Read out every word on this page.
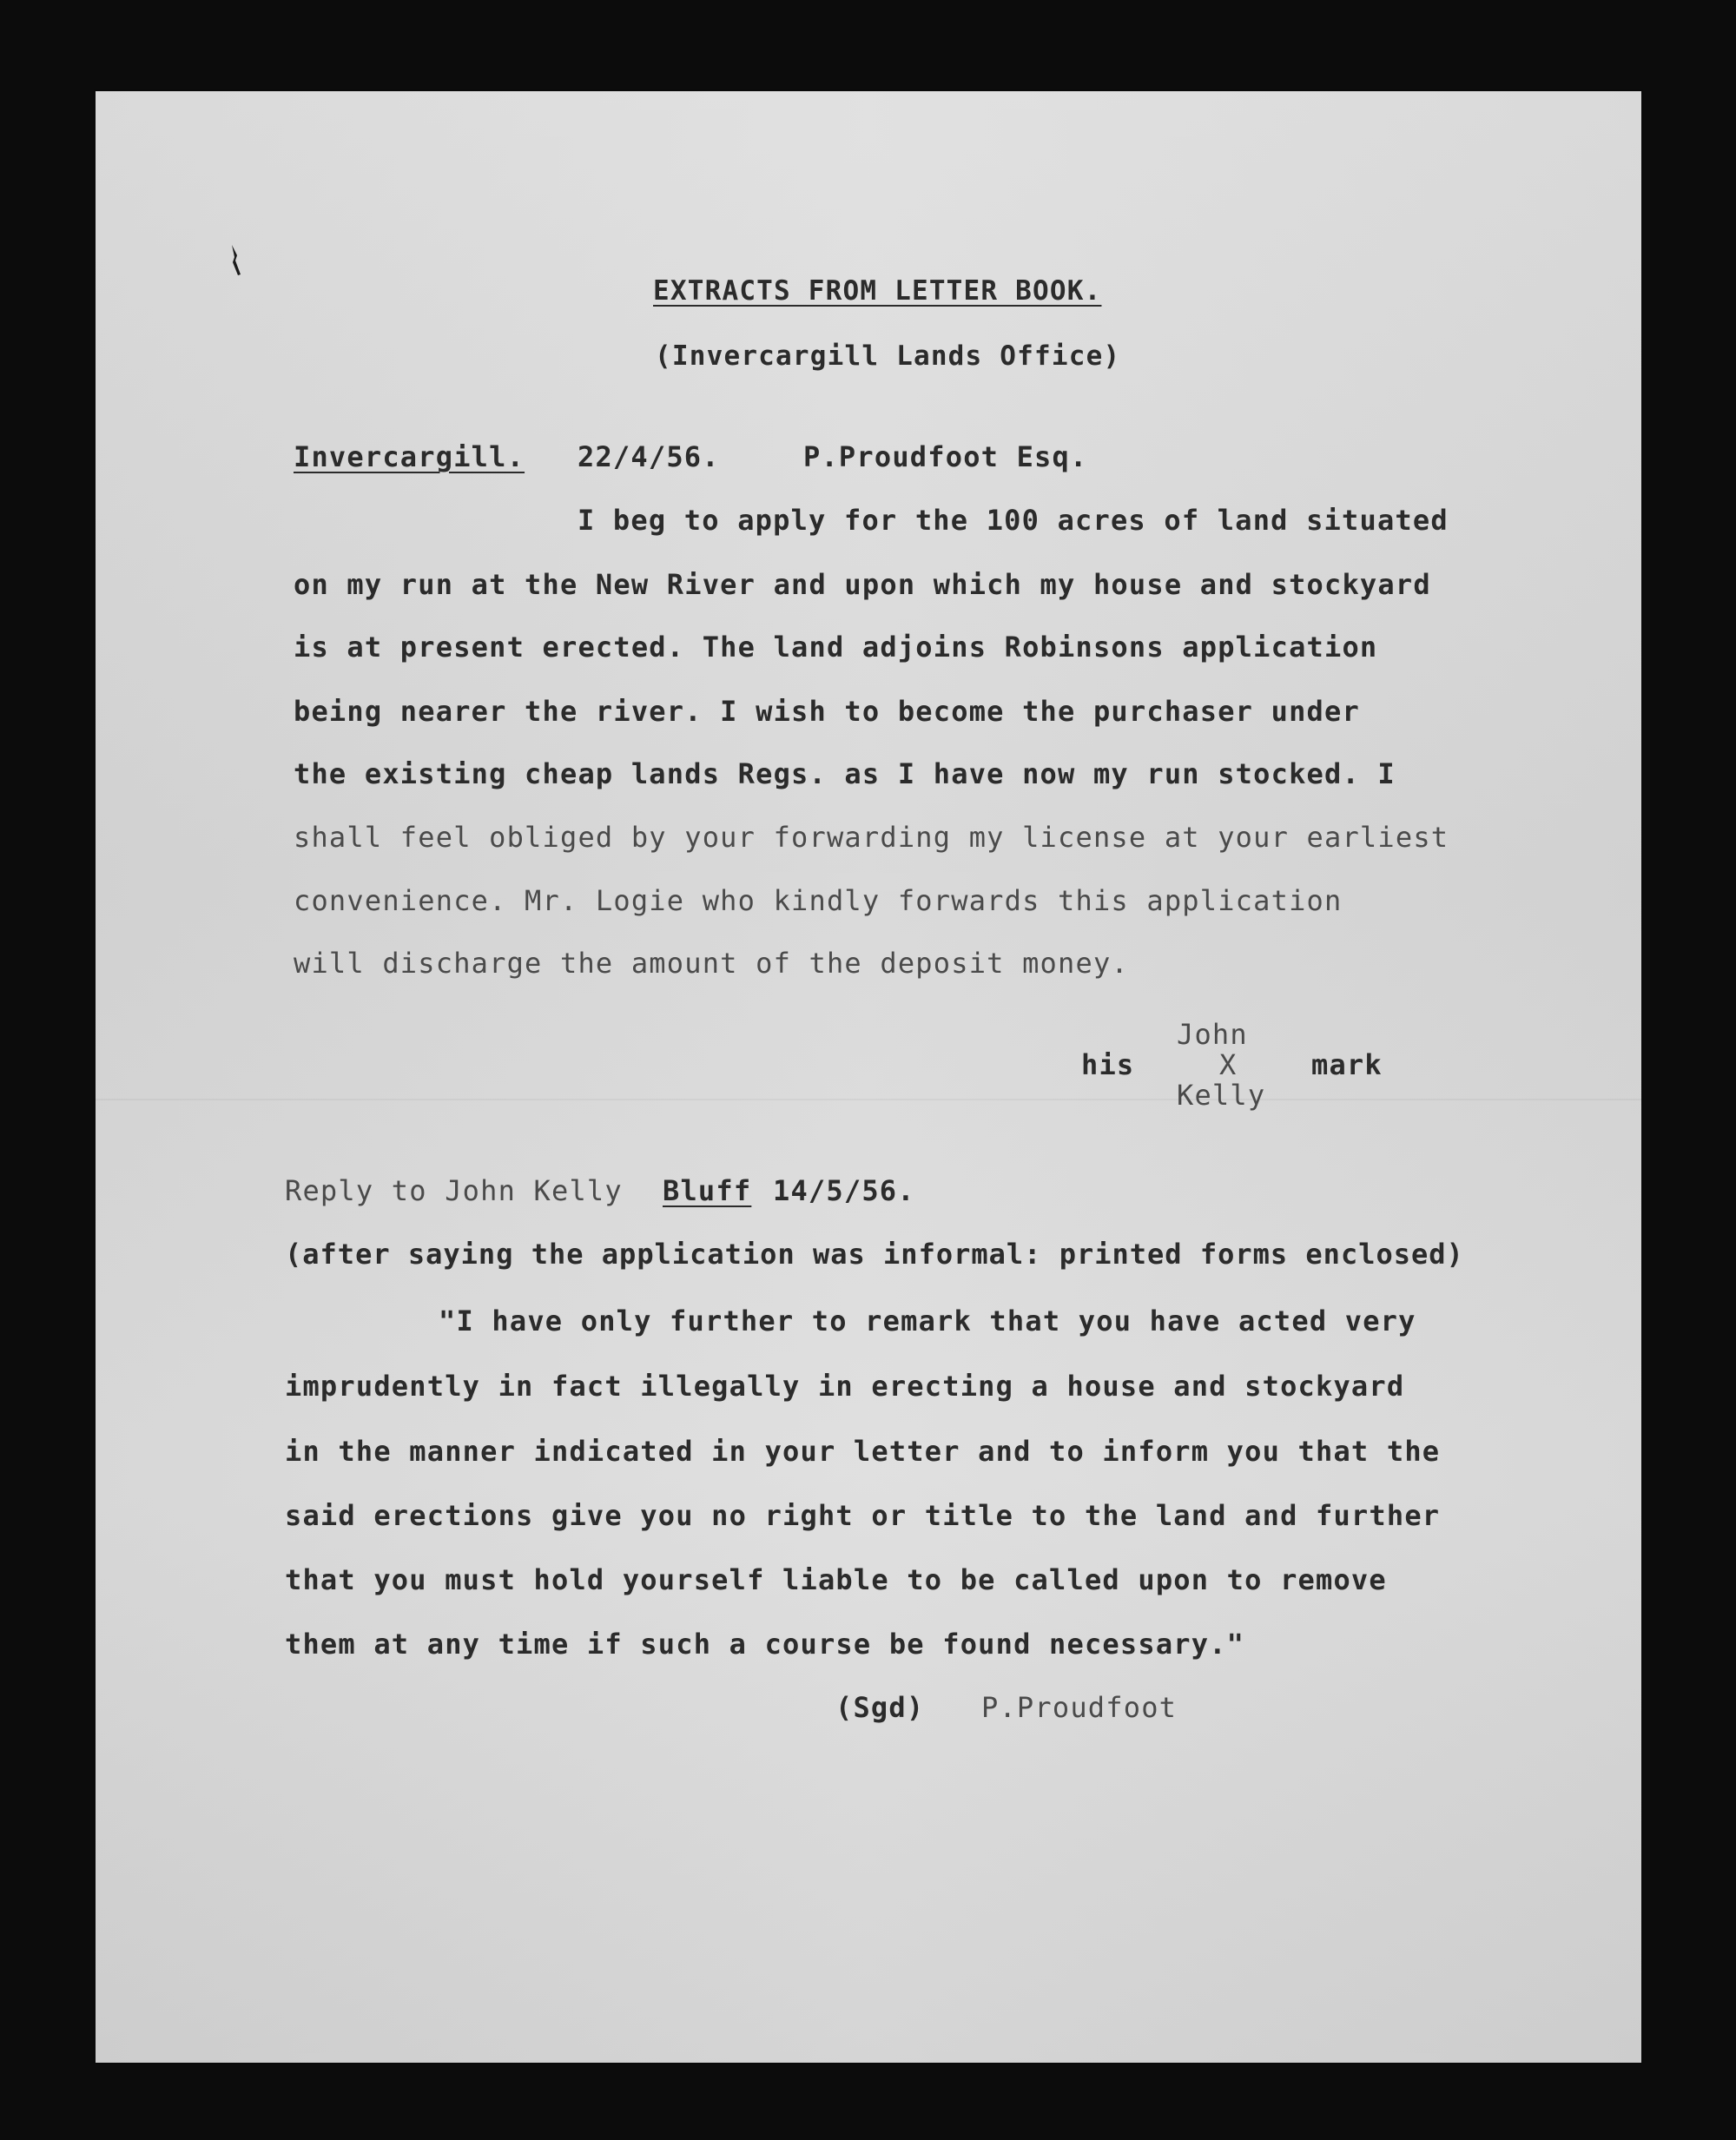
EXTRACTS FROM LETTER BOOK.

(Invercargill Lands Office)

Invercargill. 22/4/56.	P.Proudfoot Esq.

I beg to apply for the 100 acres of land situated

on my run at the New River and upon which my house and stockyard

is at present erected. The land adjoins Robinsons application

being nearer the river. I wish to become the purchaser under

the existing cheap lands Regs. as I have now my run stocked. I

shall feel obliged by your forwarding my license at your earliest

convenience. Mr. Logie who kindly forwards this application

will discharge the amount of the deposit money.

John

his	X	mark

Kelly

Reply to John Kelly Bluff 14/5/56.

(after saying the application was informal: printed forms enclosed)

"I have only further to remark that you have acted very

imprudently in fact illegally in erecting a house and stockyard

in the manner indicated in your letter and to inform you that the

said erections give you no right or title to the land and further

that you must hold yourself liable to be called upon to remove

them at any time if such a course be found necessary."

(Sgd) P.Proudfoot
